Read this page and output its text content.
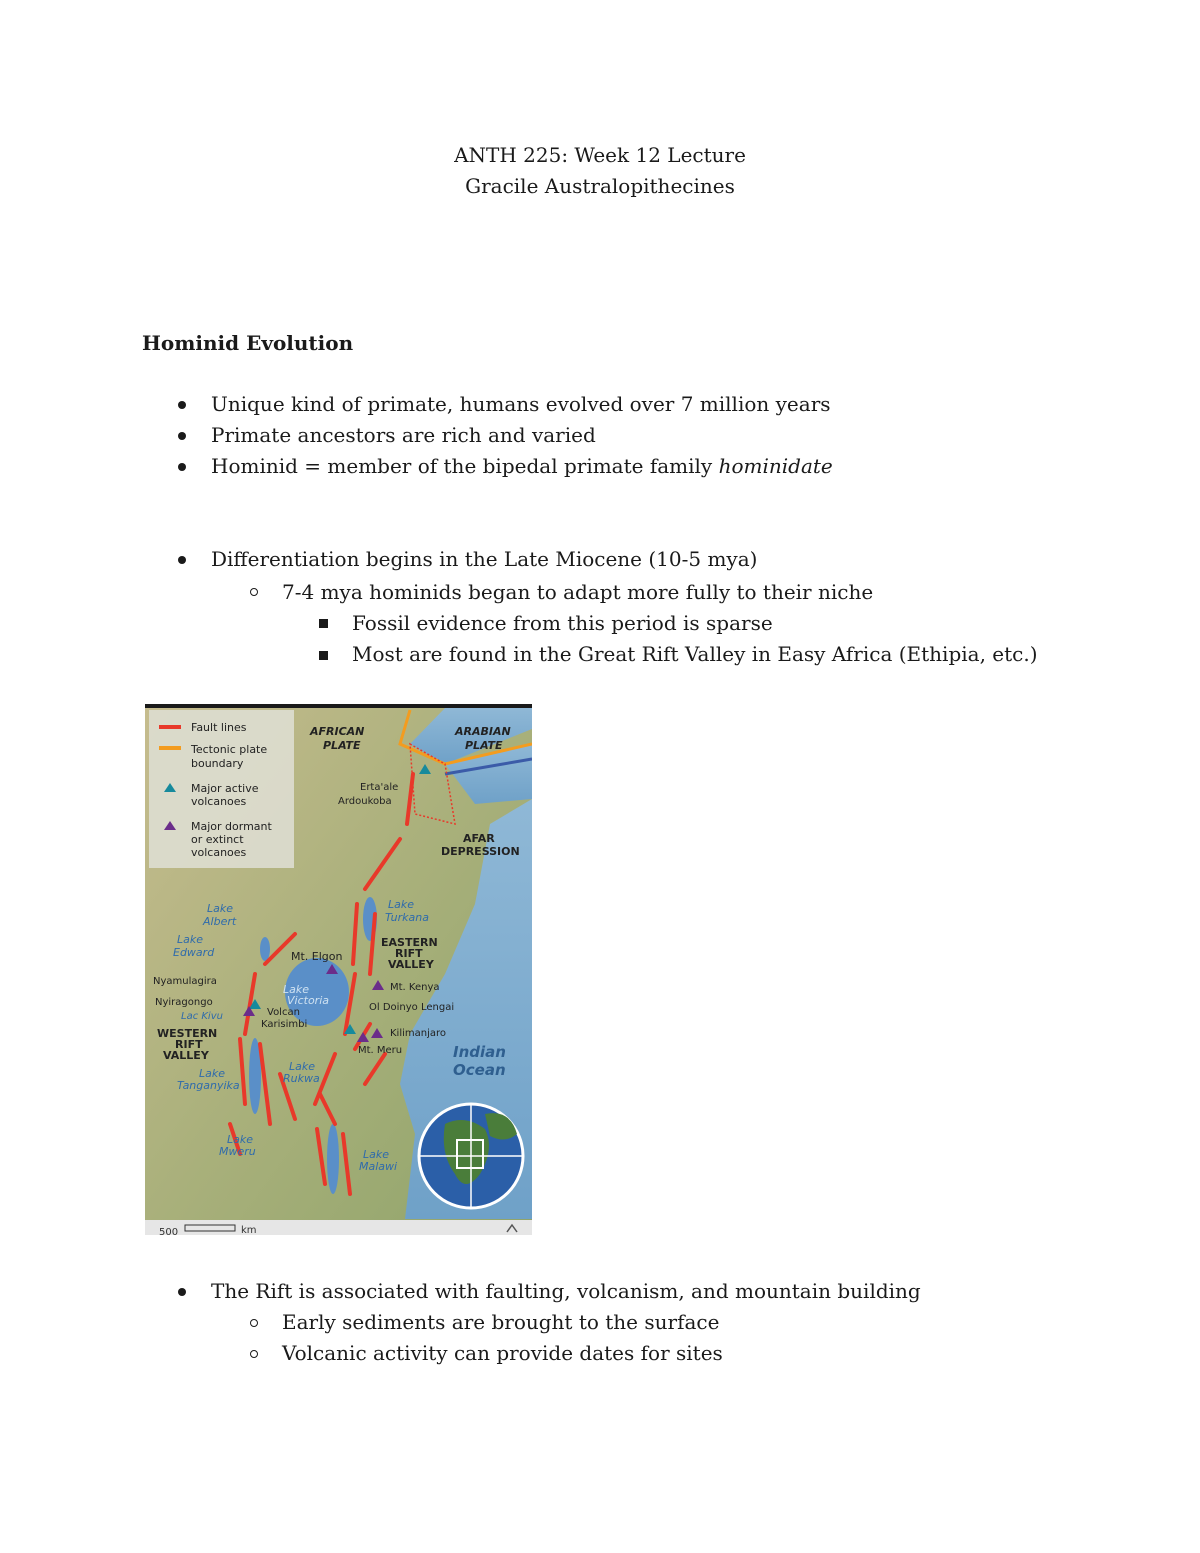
ANTH 225: Week 12 Lecture
Gracile Australopithecines
Hominid Evolution
Unique kind of primate, humans evolved over 7 million years
Primate ancestors are rich and varied
Hominid = member of the bipedal primate family hominidate
Differentiation begins in the Late Miocene (10-5 mya)
7-4 mya hominids began to adapt more fully to their niche
Fossil evidence from this period is sparse
Most are found in the Great Rift Valley in Easy Africa (Ethipia, etc.)
Fault lines
Tectonic plate
boundary
Major active
volcanoes
Major dormant
or extinct
volcanoes
AFRICAN
PLATE
ARABIAN
PLATE
Erta'ale
Ardoukoba
AFAR
DEPRESSION
Lake
Albert
Lake
Edward
Lake
Turkana
Mt. Elgon
EASTERN
RIFT
VALLEY
Nyamulagira
Nyiragongo
Lac Kivu
Lake
Victoria
Volcan
Karisimbi
Mt. Kenya
Ol Doinyo Lengai
WESTERN
RIFT
VALLEY
Kilimanjaro
Mt. Meru	Indian
Ocean
Lake
Tanganyika
Lake
Rukwa
Lake
Mweru	Lake
Malawi
500	km
The Rift is associated with faulting, volcanism, and mountain building
Early sediments are brought to the surface
Volcanic activity can provide dates for sites
